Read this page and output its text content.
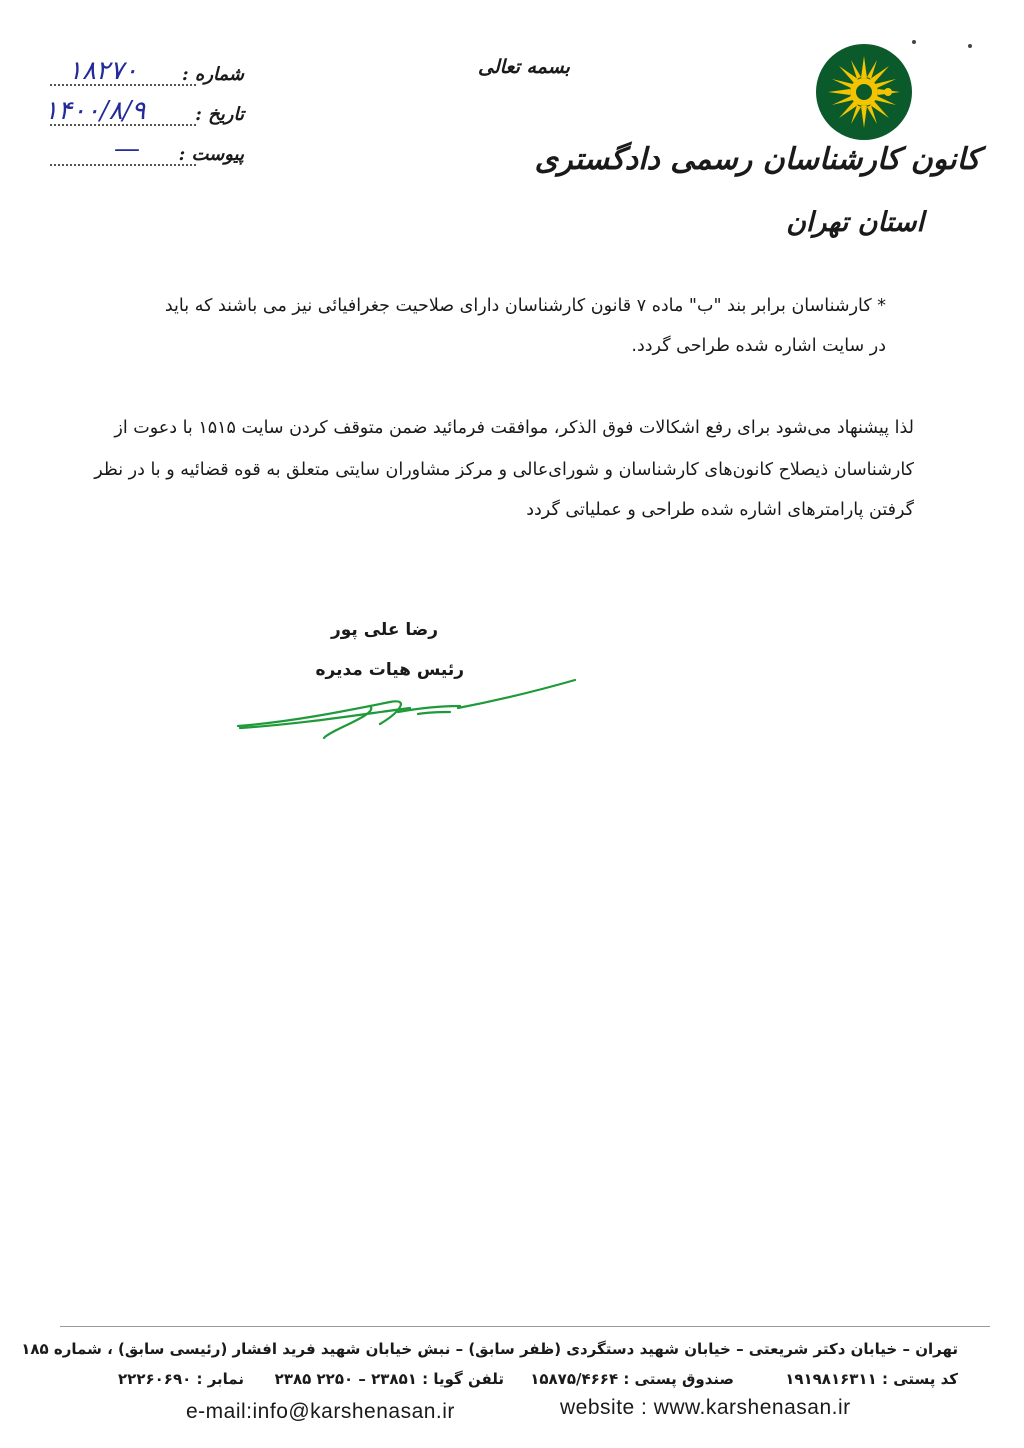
کانون کارشناسان رسمی دادگستری
استان تهران
بسمه تعالی
شماره :
۱۸۲۷۰
تاریخ :
۱۴۰۰/۸/۹
پیوست :
—
* کارشناسان برابر بند "ب" ماده ۷ قانون کارشناسان دارای صلاحیت جغرافیائی نیز می باشند که باید
در سایت اشاره شده طراحی گردد.
لذا پیشنهاد می‌شود برای رفع اشکالات فوق الذکر، موافقت فرمائید ضمن متوقف کردن سایت ۱۵۱۵ با دعوت از
کارشناسان ذیصلاح کانون‌های کارشناسان و شورای‌عالی و مرکز مشاوران سایتی متعلق به قوه قضائیه و با در نظر
گرفتن پارامترهای اشاره شده طراحی و عملیاتی گردد
رضا علی پور
رئیس هیات مدیره
تهران – خیابان دکتر شریعتی – خیابان شهید دستگردی (ظفر سابق) – نبش خیابان شهید فرید افشار (رئیسی سابق) ، شماره ۱۸۵
کد پستی : ۱۹۱۹۸۱۶۳۱۱
صندوق پستی : ۱۵۸۷۵/۴۶۶۴
تلفن گویا : ۲۳۸۵۱ – ۲۲۵۰ ۲۳۸۵
نمابر : ۲۲۲۶۰۶۹۰
website : www.karshenasan.ir
e-mail:info@karshenasan.ir
